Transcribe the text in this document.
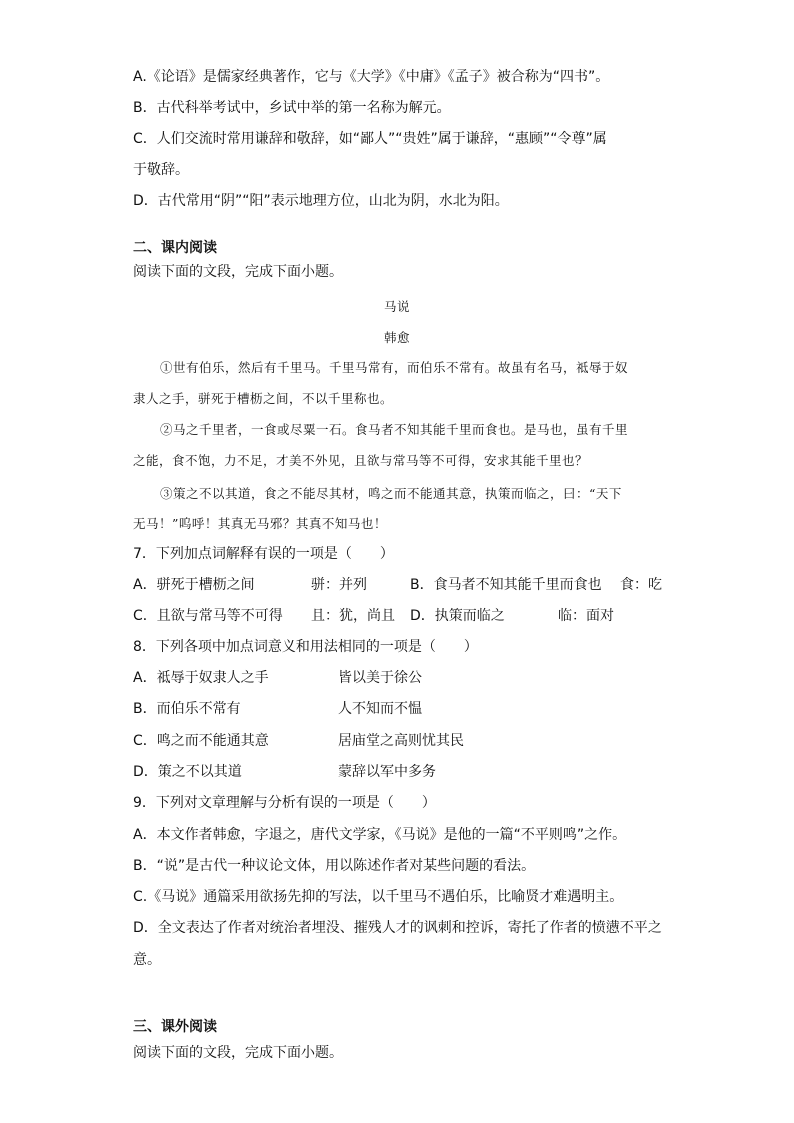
A.《论语》是儒家经典著作，它与《大学》《中庸》《孟子》被合称为“四书”。
B．古代科举考试中，乡试中举的第一名称为解元。
C．人们交流时常用谦辞和敬辞，如“鄙人”“贵姓”属于谦辞，“惠顾”“令尊”属
于敬辞。
D．古代常用“阴”“阳”表示地理方位，山北为阴，水北为阳。
二、课内阅读
阅读下面的文段，完成下面小题。
马说
韩愈
①世有伯乐，然后有千里马。千里马常有，而伯乐不常有。故虽有名马，祗辱于奴
隶人之手，骈死于槽枥之间，不以千里称也。
②马之千里者，一食或尽粟一石。食马者不知其能千里而食也。是马也，虽有千里
之能，食不饱，力不足，才美不外见，且欲与常马等不可得，安求其能千里也？
③策之不以其道，食之不能尽其材，鸣之而不能通其意，执策而临之，曰：“天下
无马！”呜呼！其真无马邪？其真不知马也！
7．下列加点词解释有误的一项是（　　）
A．骈死于槽枥之间	骈：并列	B．食马者不知其能千里而食也 食：吃
C．且欲与常马等不可得 且：犹，尚且 D．执策而临之	临：面对
8．下列各项中加点词意义和用法相同的一项是（　　）
A．祗辱于奴隶人之手	皆以美于徐公
B．而伯乐不常有	人不知而不愠
C．鸣之而不能通其意	居庙堂之高则忧其民
D．策之不以其道	蒙辞以军中多务
9．下列对文章理解与分析有误的一项是（　　）
A．本文作者韩愈，字退之，唐代文学家，《马说》是他的一篇“不平则鸣”之作。
B．“说”是古代一种议论文体，用以陈述作者对某些问题的看法。
C.《马说》通篇采用欲扬先抑的写法，以千里马不遇伯乐，比喻贤才难遇明主。
D．全文表达了作者对统治者埋没、摧残人才的讽刺和控诉，寄托了作者的愤懑不平之
意。
三、课外阅读
阅读下面的文段，完成下面小题。
